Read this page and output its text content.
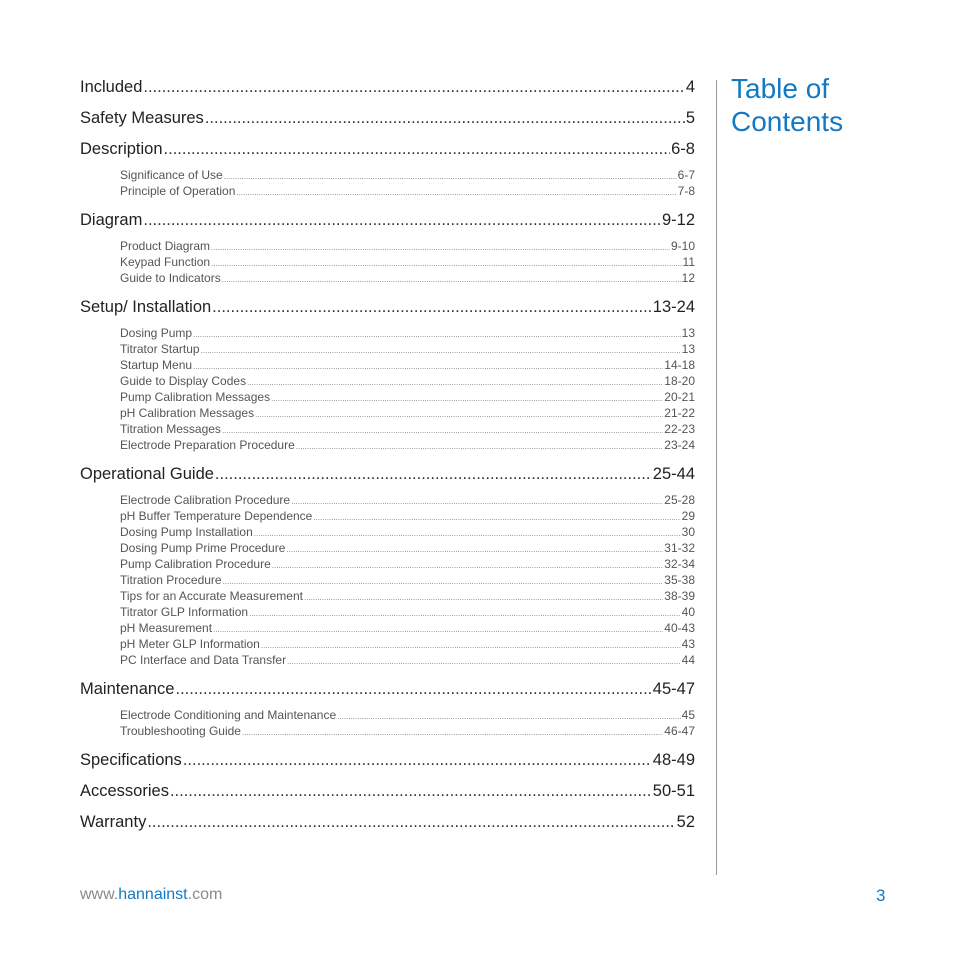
Included .....	4
Safety Measures .....	5
Description .....	6-8
Significance of Use .....	6-7
Principle of Operation .....	7-8
Diagram .....	9-12
Product Diagram .....	9-10
Keypad Function .....	11
Guide to Indicators .....	12
Setup/ Installation .....	13-24
Dosing Pump .....	13
Titrator Startup .....	13
Startup Menu .....	14-18
Guide to Display Codes .....	18-20
Pump Calibration Messages .....	20-21
pH Calibration Messages .....	21-22
Titration Messages .....	22-23
Electrode Preparation Procedure .....	23-24
Operational Guide .....	25-44
Electrode Calibration Procedure .....	25-28
pH Buffer Temperature Dependence .....	29
Dosing Pump Installation .....	30
Dosing Pump Prime Procedure .....	31-32
Pump Calibration Procedure .....	32-34
Titration Procedure .....	35-38
Tips for an Accurate Measurement .....	38-39
Titrator GLP Information .....	40
pH Measurement .....	40-43
pH Meter GLP Information .....	43
PC Interface and Data Transfer .....	44
Maintenance .....	45-47
Electrode Conditioning and Maintenance .....	45
Troubleshooting Guide .....	46-47
Specifications .....	48-49
Accessories .....	50-51
Warranty .....	52
Table of
Contents
www.hannainst.com	3
